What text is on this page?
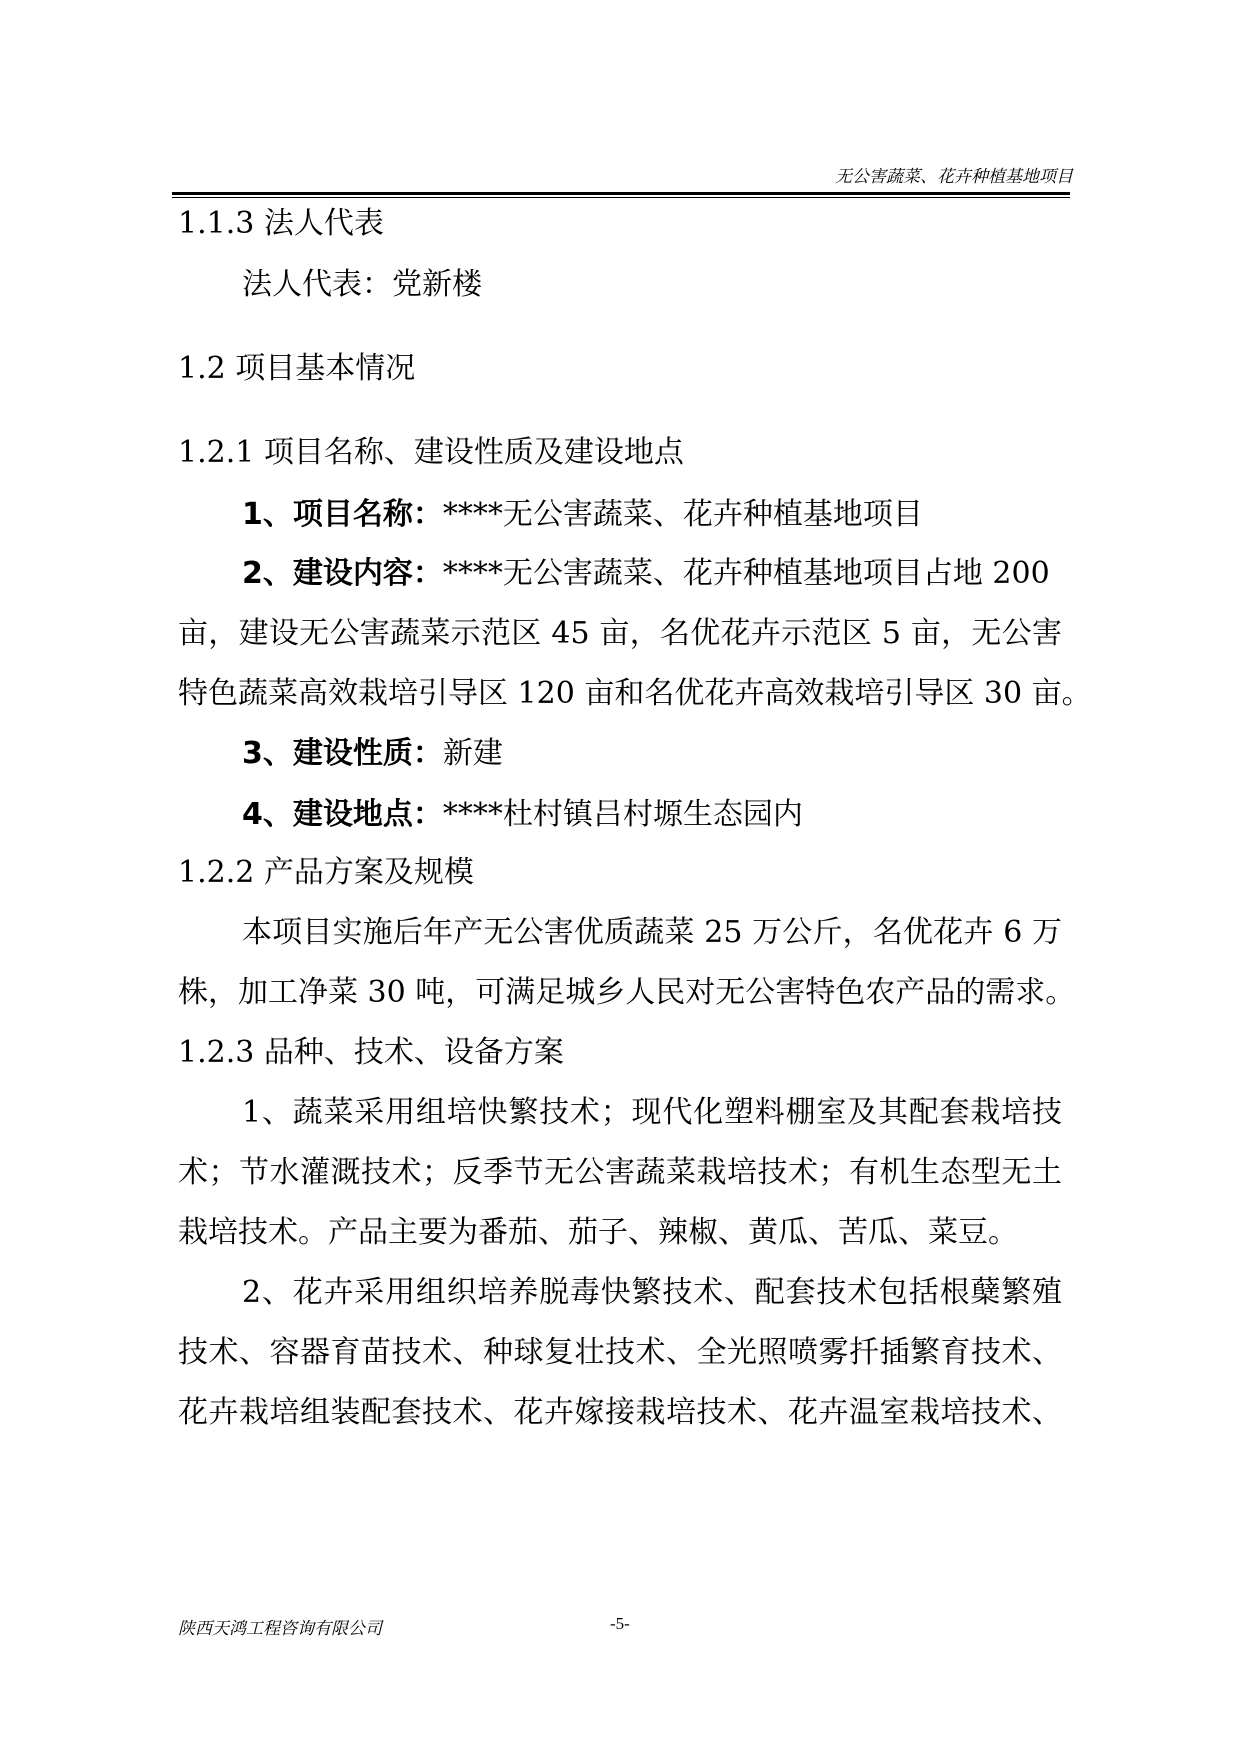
无公害蔬菜、花卉种植基地项目
1.1.3 法人代表
法人代表：党新楼
1.2 项目基本情况
1.2.1 项目名称、建设性质及建设地点
1、项目名称：****无公害蔬菜、花卉种植基地项目
2、建设内容：****无公害蔬菜、花卉种植基地项目占地 200
亩，建设无公害蔬菜示范区 45 亩，名优花卉示范区 5 亩，无公害
特色蔬菜高效栽培引导区 120 亩和名优花卉高效栽培引导区 30 亩。
3、建设性质：新建
4、建设地点：****杜村镇吕村塬生态园内
1.2.2 产品方案及规模
本项目实施后年产无公害优质蔬菜 25 万公斤，名优花卉 6 万
株，加工净菜 30 吨，可满足城乡人民对无公害特色农产品的需求。
1.2.3 品种、技术、设备方案
1、蔬菜采用组培快繁技术；现代化塑料棚室及其配套栽培技
术；节水灌溉技术；反季节无公害蔬菜栽培技术；有机生态型无土
栽培技术。产品主要为番茄、茄子、辣椒、黄瓜、苦瓜、菜豆。
2、花卉采用组织培养脱毒快繁技术、配套技术包括根蘖繁殖
技术、容器育苗技术、种球复壮技术、全光照喷雾扦插繁育技术、
花卉栽培组装配套技术、花卉嫁接栽培技术、花卉温室栽培技术、
陕西天鸿工程咨询有限公司	-5-
